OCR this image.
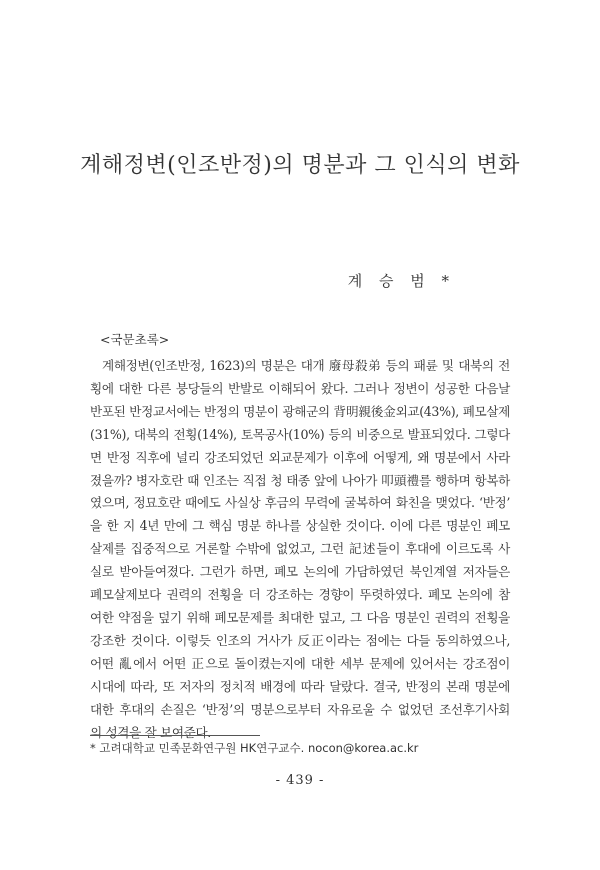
계해정변(인조반정)의 명분과 그 인식의 변화
계 승 범 *
<국문초록>
계해정변(인조반정, 1623)의 명분은 대개 廢母殺弟 등의 패륜 및 대북의 전
횡에 대한 다른 붕당들의 반발로 이해되어 왔다. 그러나 정변이 성공한 다음날
반포된 반정교서에는 반정의 명분이 광해군의 背明親後金외교(43%), 폐모살제
(31%), 대북의 전횡(14%), 토목공사(10%) 등의 비중으로 발표되었다. 그렇다
면 반정 직후에 널리 강조되었던 외교문제가 이후에 어떻게, 왜 명분에서 사라
졌을까? 병자호란 때 인조는 직접 청 태종 앞에 나아가 叩頭禮를 행하며 항복하
였으며, 정묘호란 때에도 사실상 후금의 무력에 굴복하여 화친을 맺었다. ‘반정’
을 한 지 4년 만에 그 핵심 명분 하나를 상실한 것이다. 이에 다른 명분인 폐모
살제를 집중적으로 거론할 수밖에 없었고, 그런 記述들이 후대에 이르도록 사
실로 받아들여졌다. 그런가 하면, 폐모 논의에 가담하였던 북인계열 저자들은
폐모살제보다 권력의 전횡을 더 강조하는 경향이 뚜렷하였다. 폐모 논의에 참
여한 약점을 덮기 위해 폐모문제를 최대한 덮고, 그 다음 명분인 권력의 전횡을
강조한 것이다. 이렇듯 인조의 거사가 反正이라는 점에는 다들 동의하였으나,
어떤 亂에서 어떤 正으로 돌이켰는지에 대한 세부 문제에 있어서는 강조점이
시대에 따라, 또 저자의 정치적 배경에 따라 달랐다. 결국, 반정의 본래 명분에
대한 후대의 손질은 ‘반정’의 명분으로부터 자유로울 수 없었던 조선후기사회
의 성격을 잘 보여준다.
* 고려대학교 민족문화연구원 HK연구교수. nocon@korea.ac.kr
- 439 -
